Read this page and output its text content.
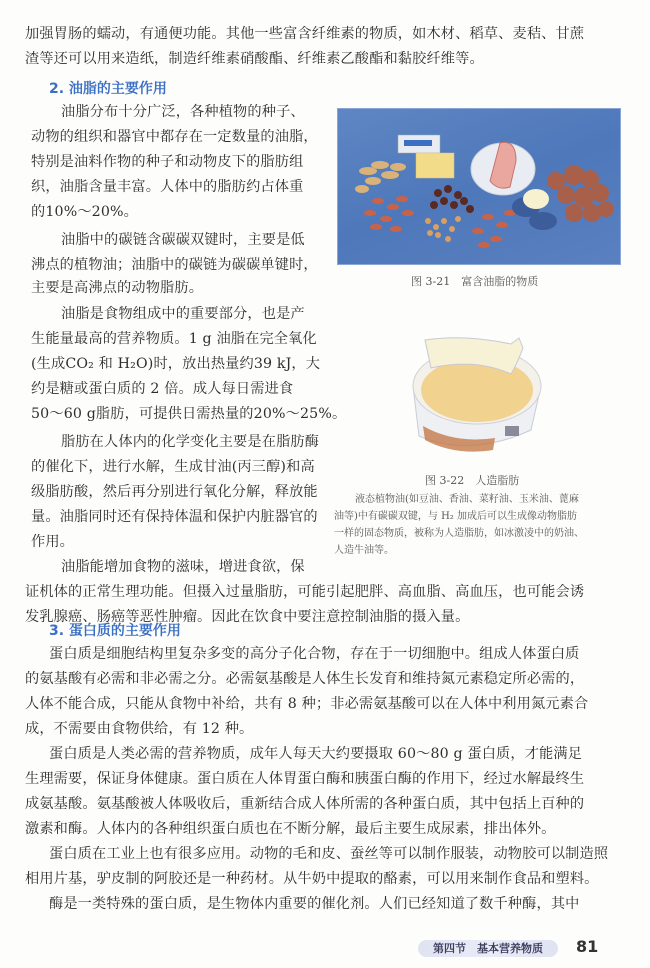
加强胃肠的蠕动，有通便功能。其他一些富含纤维素的物质，如木材、稻草、麦秸、甘蔗
渣等还可以用来造纸，制造纤维素硝酸酯、纤维素乙酸酯和黏胶纤维等。
2. 油脂的主要作用
油脂分布十分广泛，各种植物的种子、
动物的组织和器官中都存在一定数量的油脂，
特别是油料作物的种子和动物皮下的脂肪组
织，油脂含量丰富。人体中的脂肪约占体重
的10%～20%。
油脂中的碳链含碳碳双键时，主要是低
沸点的植物油；油脂中的碳链为碳碳单键时，
主要是高沸点的动物脂肪。
油脂是食物组成中的重要部分，也是产
生能量最高的营养物质。1 g 油脂在完全氧化
(生成CO₂ 和 H₂O)时，放出热量约39 kJ，大
约是糖或蛋白质的 2 倍。成人每日需进食
50～60 g脂肪，可提供日需热量的20%～25%。
脂肪在人体内的化学变化主要是在脂肪酶
的催化下，进行水解，生成甘油(丙三醇)和高
级脂肪酸，然后再分别进行氧化分解，释放能
量。油脂同时还有保持体温和保护内脏器官的
作用。
油脂能增加食物的滋味，增进食欲，保
证机体的正常生理功能。但摄入过量脂肪，可能引起肥胖、高血脂、高血压，也可能会诱
发乳腺癌、肠癌等恶性肿瘤。因此在饮食中要注意控制油脂的摄入量。
图 3-21　富含油脂的物质
图 3-22　人造脂肪
液态植物油(如豆油、香油、菜籽油、玉米油、蓖麻
油等)中有碳碳双键，与 H₂ 加成后可以生成像动物脂肪
一样的固态物质，被称为人造脂肪，如冰激凌中的奶油、
人造牛油等。
3. 蛋白质的主要作用
蛋白质是细胞结构里复杂多变的高分子化合物，存在于一切细胞中。组成人体蛋白质
的氨基酸有必需和非必需之分。必需氨基酸是人体生长发育和维持氮元素稳定所必需的，
人体不能合成，只能从食物中补给，共有 8 种；非必需氨基酸可以在人体中利用氮元素合
成，不需要由食物供给，有 12 种。
蛋白质是人类必需的营养物质，成年人每天大约要摄取 60～80 g 蛋白质，才能满足
生理需要，保证身体健康。蛋白质在人体胃蛋白酶和胰蛋白酶的作用下，经过水解最终生
成氨基酸。氨基酸被人体吸收后，重新结合成人体所需的各种蛋白质，其中包括上百种的
激素和酶。人体内的各种组织蛋白质也在不断分解，最后主要生成尿素，排出体外。
蛋白质在工业上也有很多应用。动物的毛和皮、蚕丝等可以制作服装，动物胶可以制造照
相用片基，驴皮制的阿胶还是一种药材。从牛奶中提取的酪素，可以用来制作食品和塑料。
酶是一类特殊的蛋白质，是生物体内重要的催化剂。人们已经知道了数千种酶，其中
第四节　基本营养物质	81
